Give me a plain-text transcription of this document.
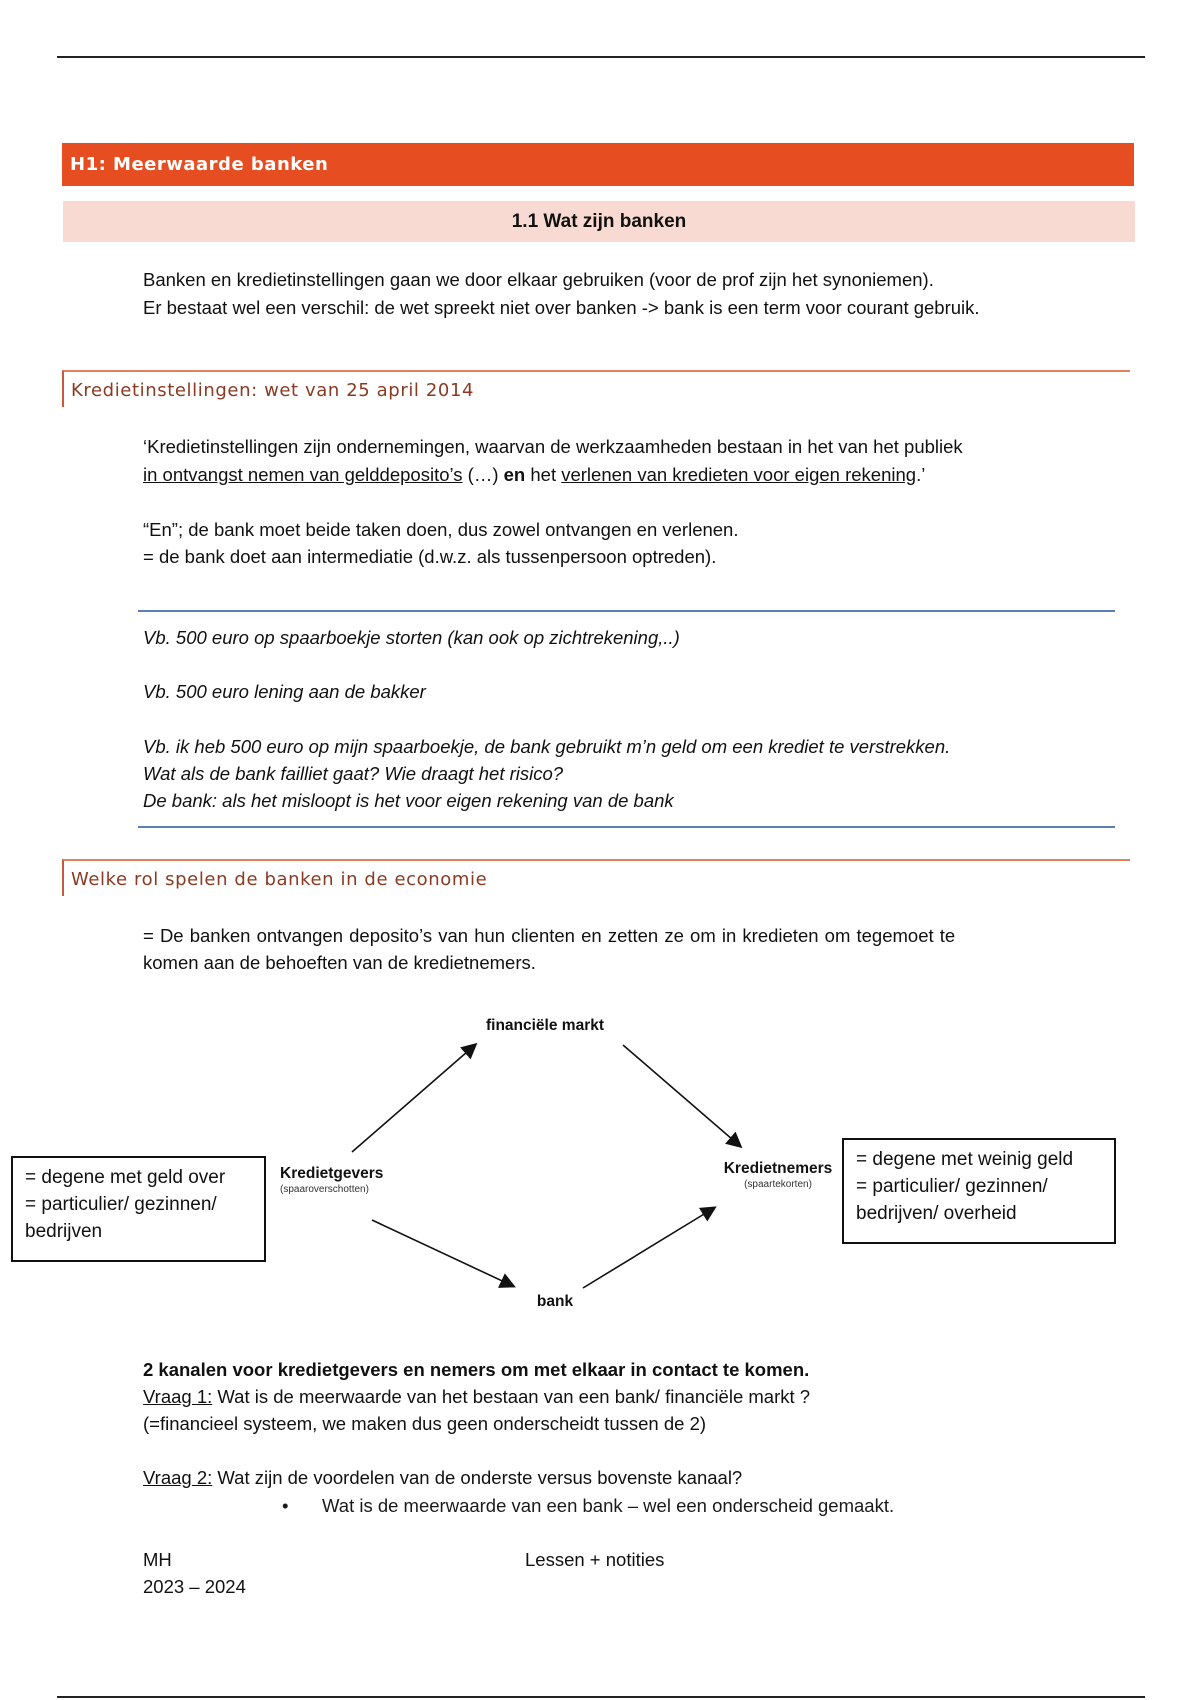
H1: Meerwaarde banken
1.1 Wat zijn banken

Banken en kredietinstellingen gaan we door elkaar gebruiken (voor de prof zijn het synoniemen).

Er bestaat wel een verschil: de wet spreekt niet over banken -> bank is een term voor courant gebruik.

Kredietinstellingen: wet van 25 april 2014

‘Kredietinstellingen zijn ondernemingen, waarvan de werkzaamheden bestaan in het van het publiek

in ontvangst nemen van gelddeposito’s (…) en het verlenen van kredieten voor eigen rekening.’

“En”; de bank moet beide taken doen, dus zowel ontvangen en verlenen.

= de bank doet aan intermediatie (d.w.z. als tussenpersoon optreden).

Vb. 500 euro op spaarboekje storten (kan ook op zichtrekening,..)

Vb. 500 euro lening aan de bakker

Vb. ik heb 500 euro op mijn spaarboekje, de bank gebruikt m’n geld om een krediet te verstrekken.

Wat als de bank failliet gaat? Wie draagt het risico?

De bank: als het misloopt is het voor eigen rekening van de bank

Welke rol spelen de banken in de economie

= De banken ontvangen deposito’s van hun clienten en zetten ze om in kredieten om tegemoet te

komen aan de behoeften van de kredietnemers.

financiële markt
Kredietgevers
(spaaroverschotten)
Kredietnemers
(spaartekorten)
bank
= degene met geld over
= particulier/ gezinnen/
bedrijven
= degene met weinig geld
= particulier/ gezinnen/
bedrijven/ overheid

2 kanalen voor kredietgevers en nemers om met elkaar in contact te komen.

Vraag 1: Wat is de meerwaarde van het bestaan van een bank/ financiële markt ?

(=financieel systeem, we maken dus geen onderscheidt tussen de 2)

Vraag 2: Wat zijn de voordelen van de onderste versus bovenste kanaal?

• Wat is de meerwaarde van een bank – wel een onderscheid gemaakt.

MH

2023 – 2024

Lessen + notities
